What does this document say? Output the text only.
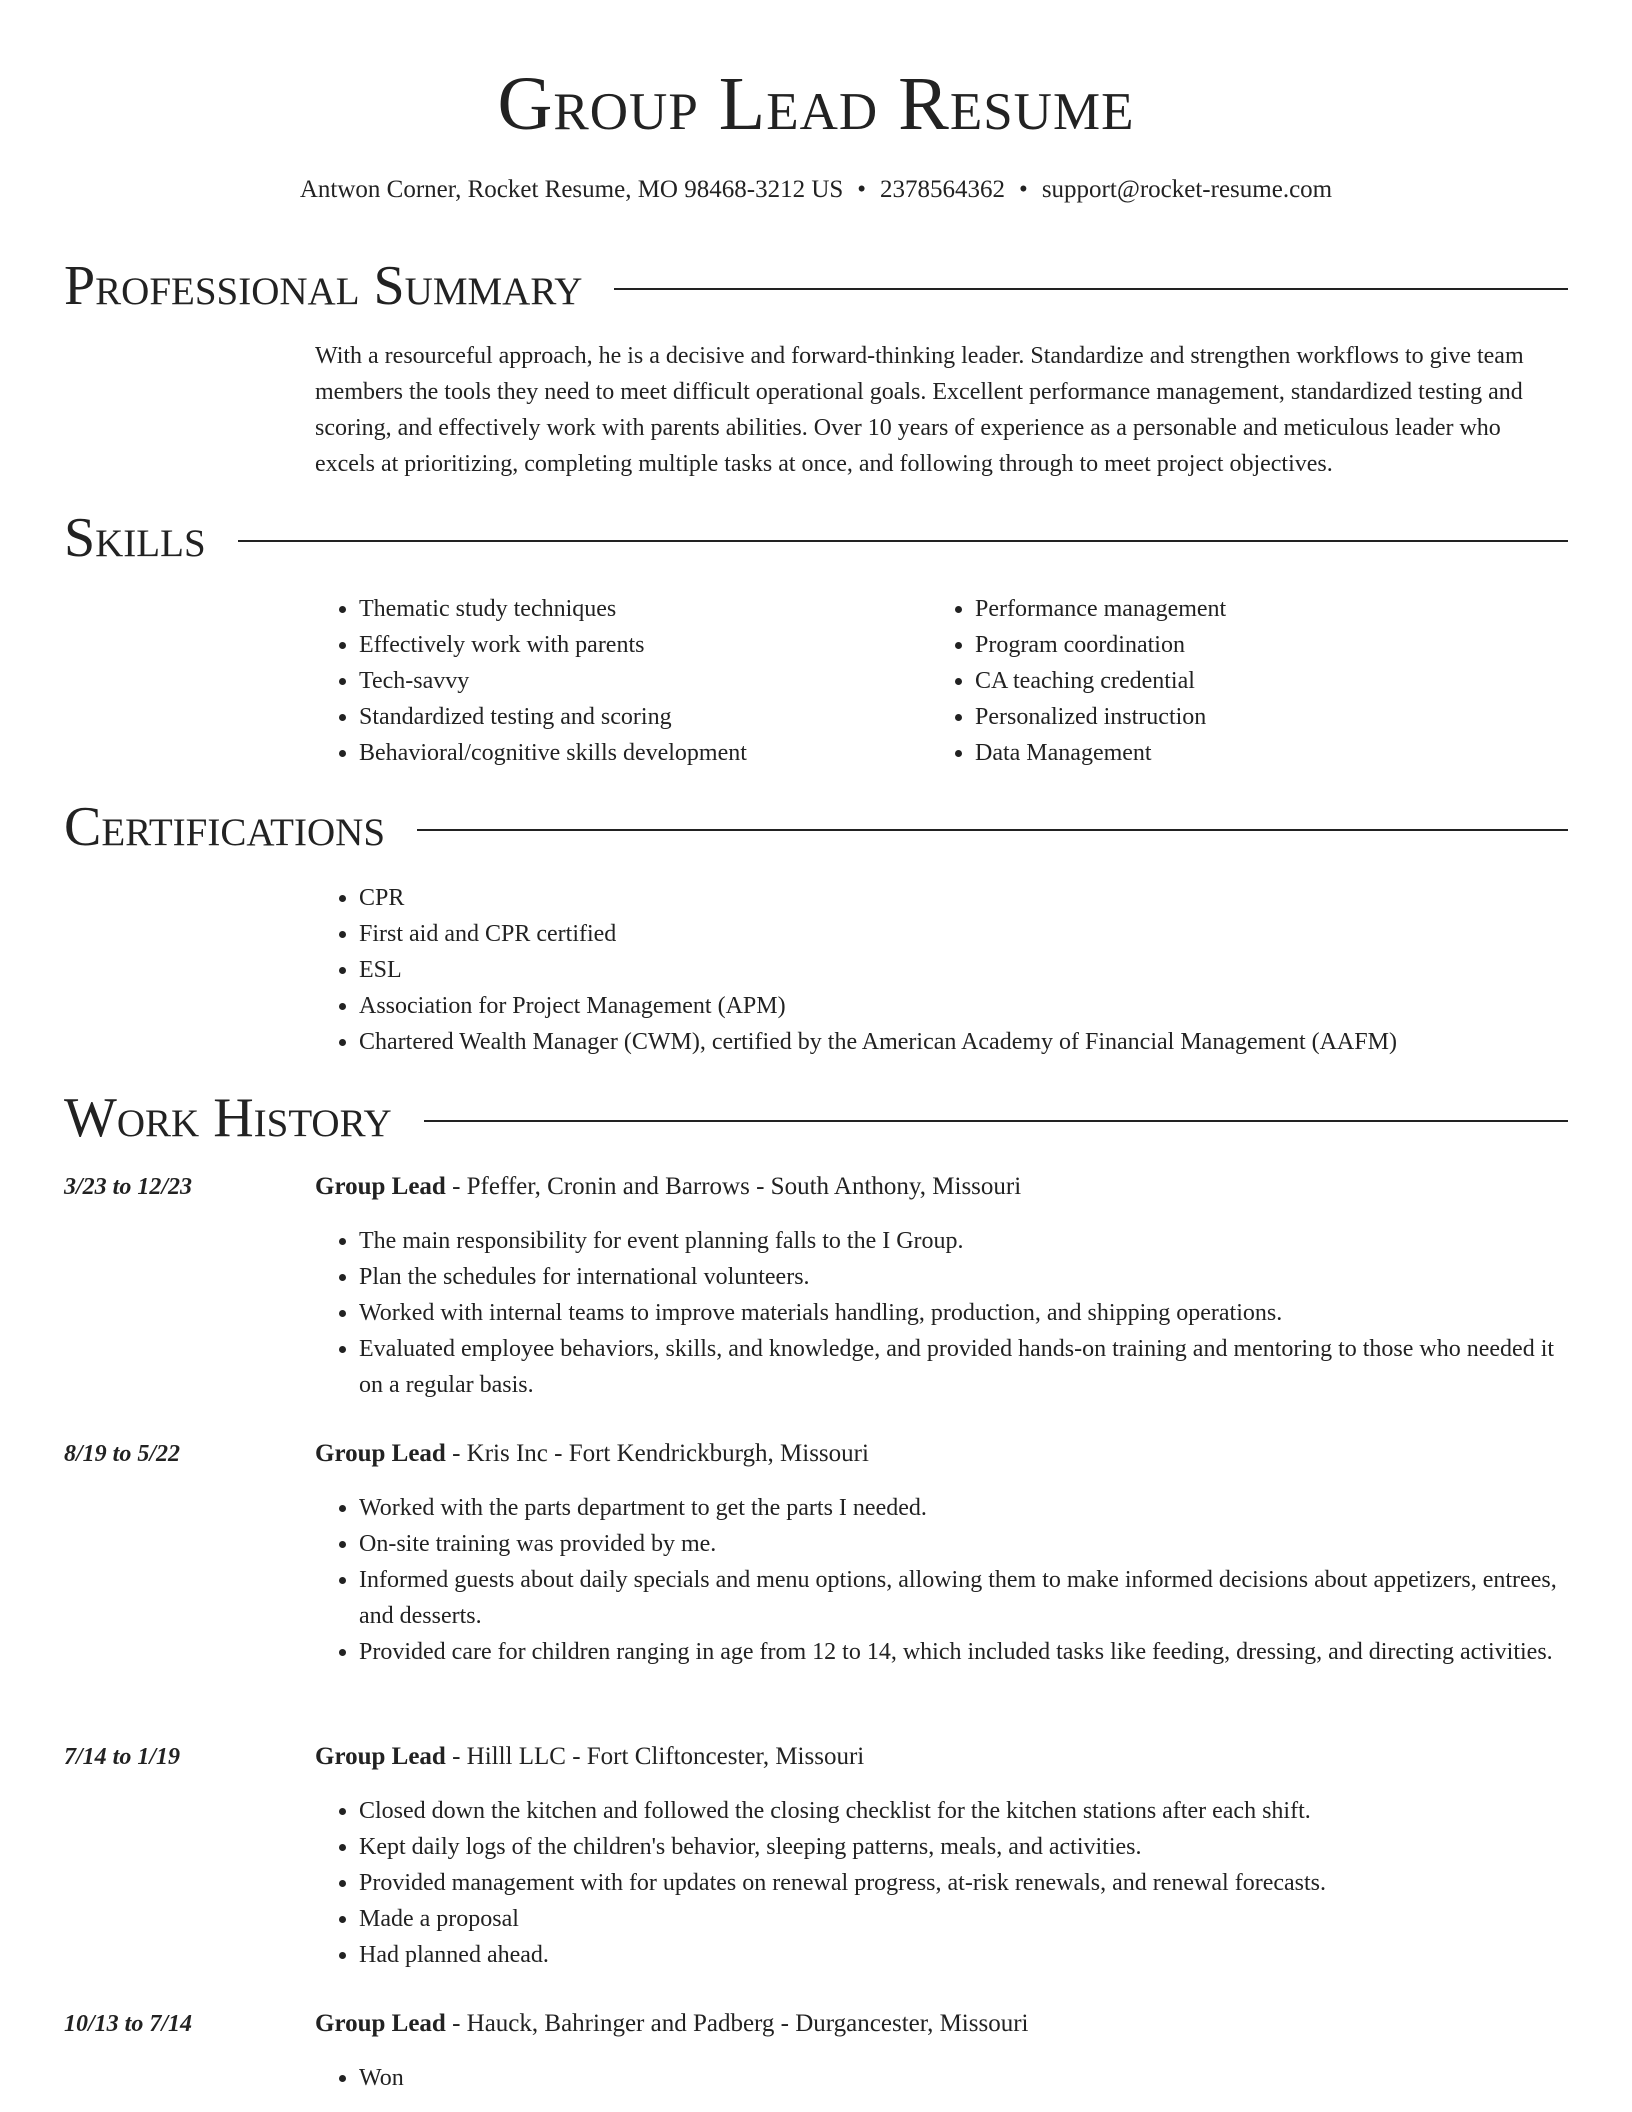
Group Lead Resume
Antwon Corner, Rocket Resume, MO 98468-3212 US • 2378564362 • support@rocket-resume.com
Professional Summary

With a resourceful approach, he is a decisive and forward-thinking leader. Standardize and strengthen workflows to give team members the tools they need to meet difficult operational goals. Excellent performance management, standardized testing and scoring, and effectively work with parents abilities. Over 10 years of experience as a personable and meticulous leader who excels at prioritizing, completing multiple tasks at once, and following through to meet project objectives.

Skills
• Thematic study techniques
• Effectively work with parents
• Tech-savvy
• Standardized testing and scoring
• Behavioral/cognitive skills development
• Performance management
• Program coordination
• CA teaching credential
• Personalized instruction
• Data Management
Certifications
• CPR
• First aid and CPR certified
• ESL
• Association for Project Management (APM)
• Chartered Wealth Manager (CWM), certified by the American Academy of Financial Management (AAFM)
Work History
3/23 to 12/23	Group Lead - Pfeffer, Cronin and Barrows - South Anthony, Missouri
• The main responsibility for event planning falls to the I Group.
• Plan the schedules for international volunteers.
• Worked with internal teams to improve materials handling, production, and shipping operations.
• Evaluated employee behaviors, skills, and knowledge, and provided hands-on training and mentoring to those who needed it on a regular basis.
8/19 to 5/22	Group Lead - Kris Inc - Fort Kendrickburgh, Missouri
• Worked with the parts department to get the parts I needed.
• On-site training was provided by me.
• Informed guests about daily specials and menu options, allowing them to make informed decisions about appetizers, entrees, and desserts.
• Provided care for children ranging in age from 12 to 14, which included tasks like feeding, dressing, and directing activities.
7/14 to 1/19	Group Lead - Hilll LLC - Fort Cliftoncester, Missouri
• Closed down the kitchen and followed the closing checklist for the kitchen stations after each shift.
• Kept daily logs of the children's behavior, sleeping patterns, meals, and activities.
• Provided management with for updates on renewal progress, at-risk renewals, and renewal forecasts.
• Made a proposal
• Had planned ahead.
10/13 to 7/14	Group Lead - Hauck, Bahringer and Padberg - Durgancester, Missouri
• Won
